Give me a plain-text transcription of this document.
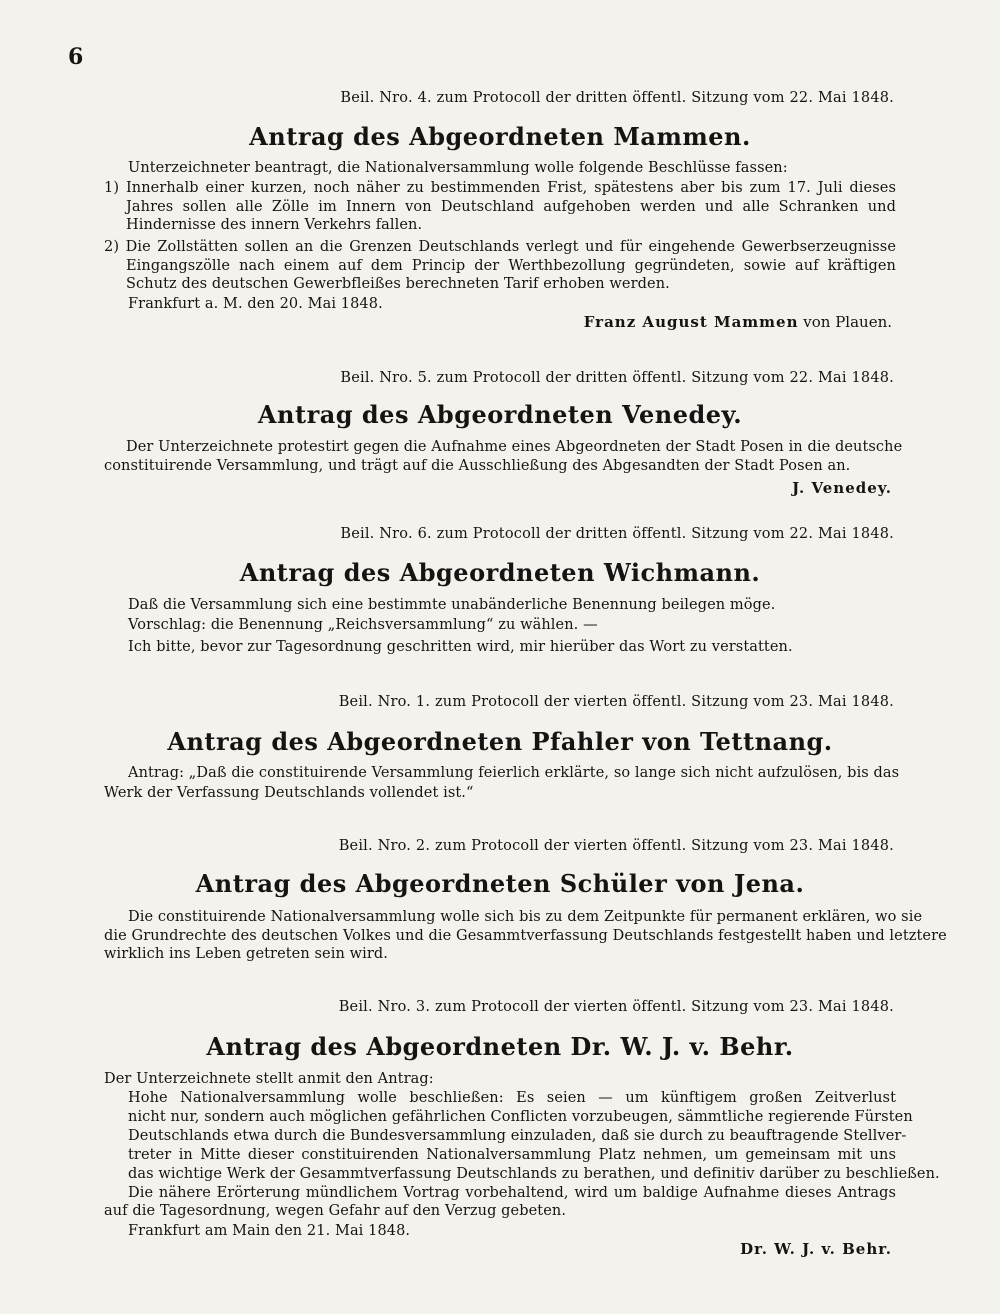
6
Beil. Nro. 4. zum Protocoll der dritten öffentl. Sitzung vom 22. Mai 1848.
Antrag des Abgeordneten Mammen.
Unterzeichneter beantragt, die Nationalversammlung wolle folgende Beschlüsse fassen:
1) Innerhalb einer kurzen, noch näher zu bestimmenden Frist, spätestens aber bis zum 17. Juli dieses
Jahres sollen alle Zölle im Innern von Deutschland aufgehoben werden und alle Schranken und
Hindernisse des innern Verkehrs fallen.
2) Die Zollstätten sollen an die Grenzen Deutschlands verlegt und für eingehende Gewerbserzeugnisse
Eingangszölle nach einem auf dem Princip der Werthbezollung gegründeten, sowie auf kräftigen
Schutz des deutschen Gewerbfleißes berechneten Tarif erhoben werden.
Frankfurt a. M. den 20. Mai 1848.
Franz August Mammen von Plauen.
Beil. Nro. 5. zum Protocoll der dritten öffentl. Sitzung vom 22. Mai 1848.
Antrag des Abgeordneten Venedey.
Der Unterzeichnete protestirt gegen die Aufnahme eines Abgeordneten der Stadt Posen in die deutsche
constituirende Versammlung, und trägt auf die Ausschließung des Abgesandten der Stadt Posen an.
J. Venedey.
Beil. Nro. 6. zum Protocoll der dritten öffentl. Sitzung vom 22. Mai 1848.
Antrag des Abgeordneten Wichmann.
Daß die Versammlung sich eine bestimmte unabänderliche Benennung beilegen möge.
Vorschlag: die Benennung „Reichsversammlung“ zu wählen. —
Ich bitte, bevor zur Tagesordnung geschritten wird, mir hierüber das Wort zu verstatten.
Beil. Nro. 1. zum Protocoll der vierten öffentl. Sitzung vom 23. Mai 1848.
Antrag des Abgeordneten Pfahler von Tettnang.
Antrag: „Daß die constituirende Versammlung feierlich erklärte, so lange sich nicht aufzulösen, bis das
Werk der Verfassung Deutschlands vollendet ist.“
Beil. Nro. 2. zum Protocoll der vierten öffentl. Sitzung vom 23. Mai 1848.
Antrag des Abgeordneten Schüler von Jena.
Die constituirende Nationalversammlung wolle sich bis zu dem Zeitpunkte für permanent erklären, wo sie
die Grundrechte des deutschen Volkes und die Gesammtverfassung Deutschlands festgestellt haben und letztere
wirklich ins Leben getreten sein wird.
Beil. Nro. 3. zum Protocoll der vierten öffentl. Sitzung vom 23. Mai 1848.
Antrag des Abgeordneten Dr. W. J. v. Behr.
Der Unterzeichnete stellt anmit den Antrag:
Hohe Nationalversammlung wolle beschließen: Es seien — um künftigem großen Zeitverlust
nicht nur, sondern auch möglichen gefährlichen Conflicten vorzubeugen, sämmtliche regierende Fürsten
Deutschlands etwa durch die Bundesversammlung einzuladen, daß sie durch zu beauftragende Stellver-
treter in Mitte dieser constituirenden Nationalversammlung Platz nehmen, um gemeinsam mit uns
das wichtige Werk der Gesammtverfassung Deutschlands zu berathen, und definitiv darüber zu beschließen.
Die nähere Erörterung mündlichem Vortrag vorbehaltend, wird um baldige Aufnahme dieses Antrags
auf die Tagesordnung, wegen Gefahr auf den Verzug gebeten.
Frankfurt am Main den 21. Mai 1848.
Dr. W. J. v. Behr.
